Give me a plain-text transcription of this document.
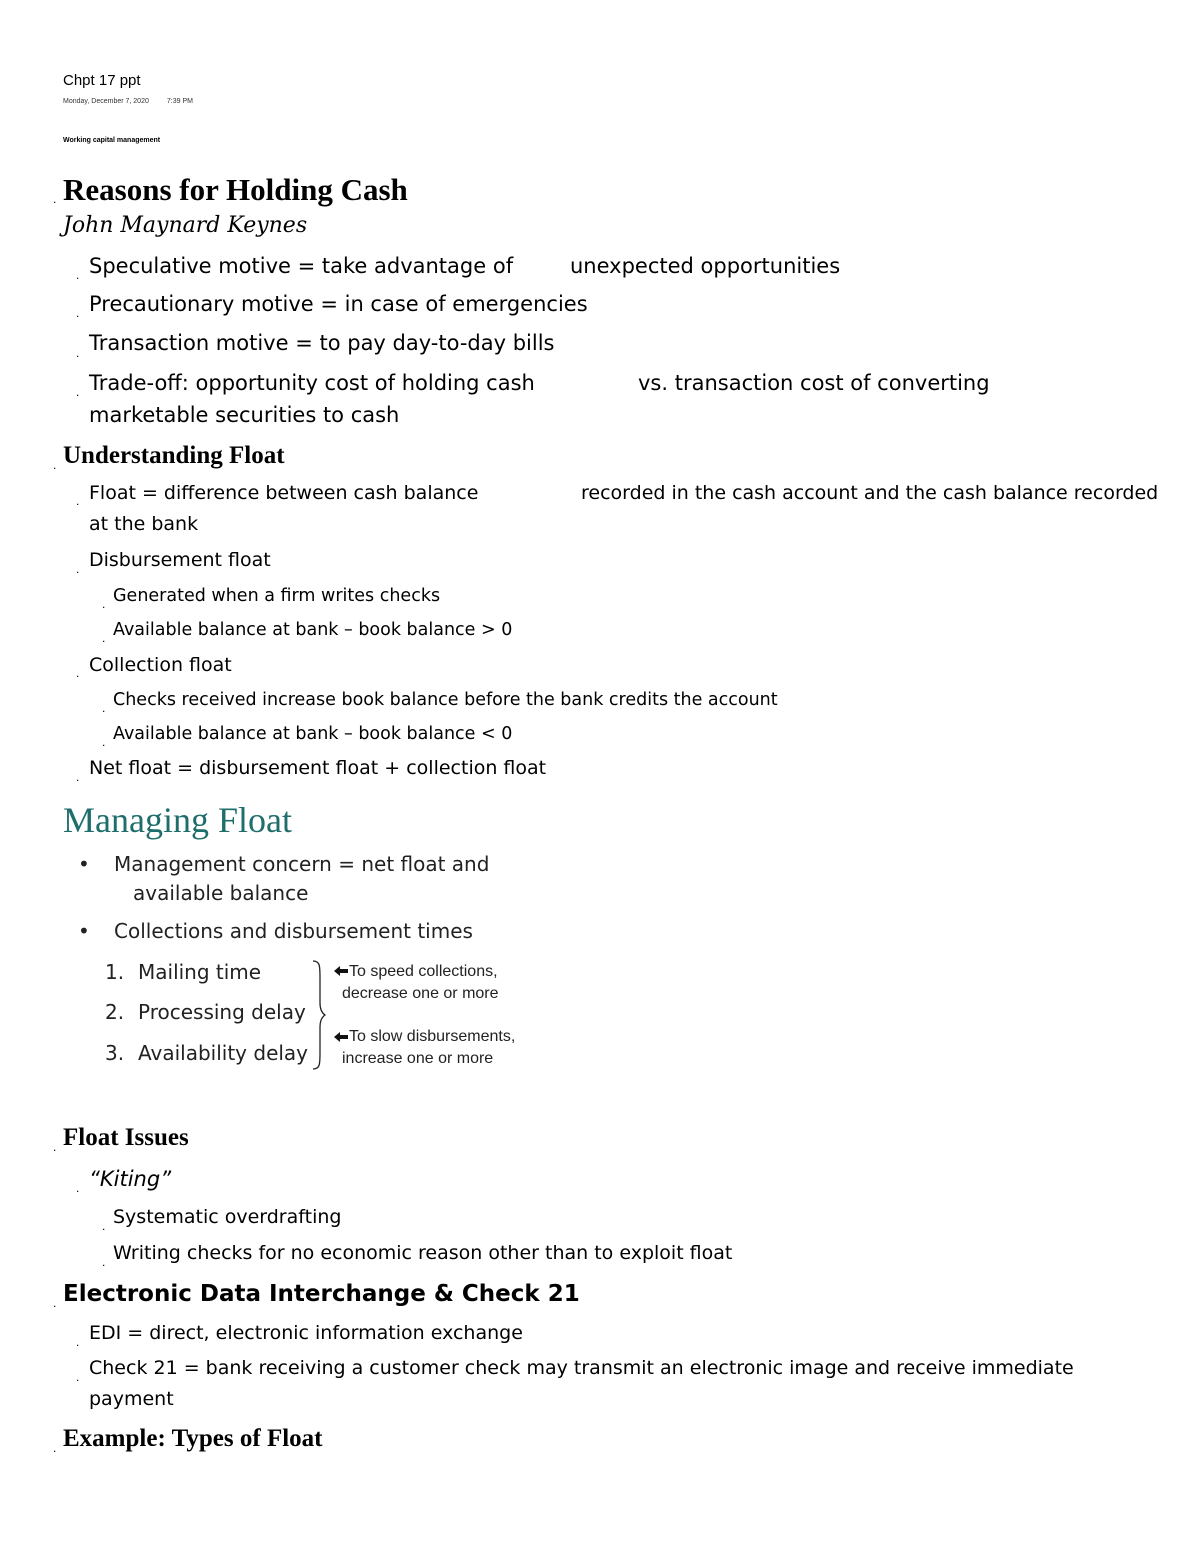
Chpt 17 ppt
Monday, December 7, 2020	7:39 PM
Working capital management
. Reasons for Holding Cash
John Maynard Keynes
. Speculative motive = take advantage of	unexpected opportunities
. Precautionary motive = in case of emergencies
. Transaction motive = to pay day-to-day bills
. Trade-off: opportunity cost of holding cash	vs. transaction cost of converting
marketable securities to cash
. Understanding Float
. Float = difference between cash balance	recorded in the cash account and the cash balance recorded
at the bank
. Disbursement float
. Generated when a firm writes checks
. Available balance at bank – book balance > 0
. Collection float
. Checks received increase book balance before the bank credits the account
. Available balance at bank – book balance < 0
. Net float = disbursement float + collection float
Managing Float
• Management concern = net float and
available balance
• Collections and disbursement times
1. Mailing time
2. Processing delay
3. Availability delay
To speed collections,
decrease one or more
To slow disbursements,
increase one or more
. Float Issues
. “Kiting”
. Systematic overdrafting
. Writing checks for no economic reason other than to exploit float
. Electronic Data Interchange & Check 21
. EDI = direct, electronic information exchange
. Check 21 = bank receiving a customer check may transmit an electronic image and receive immediate
payment
. Example: Types of Float
